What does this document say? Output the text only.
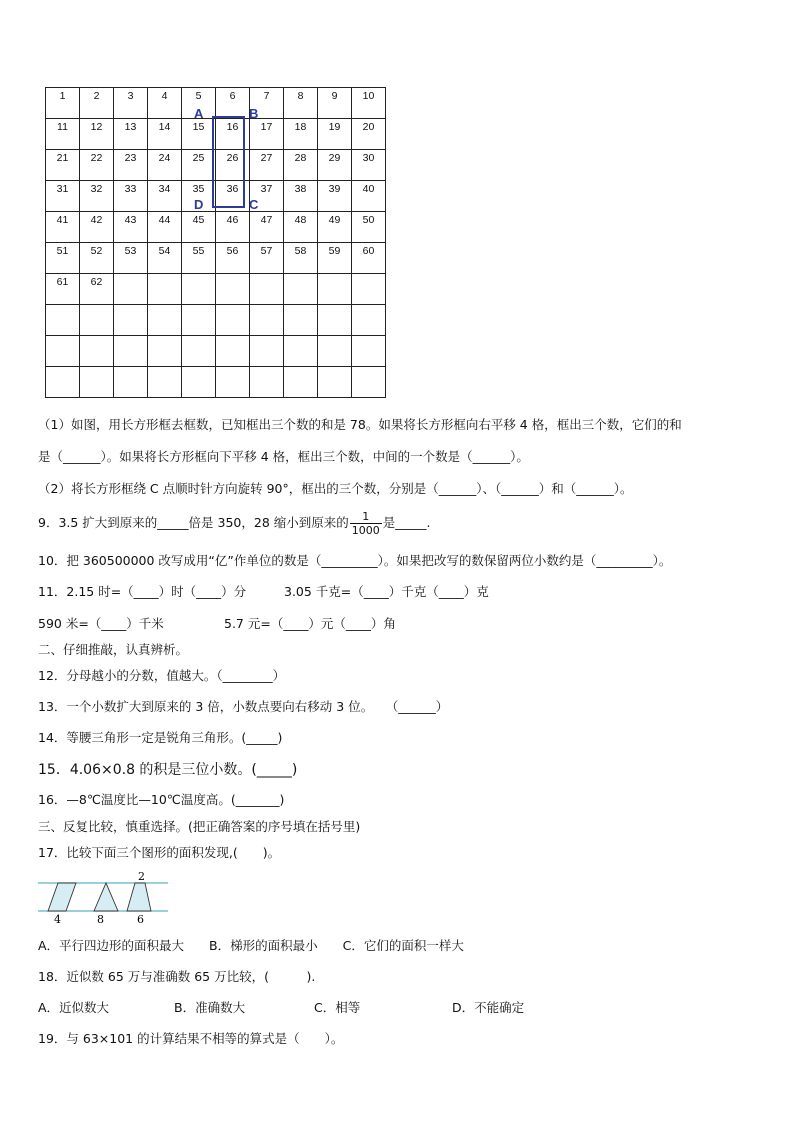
1	2	3	4	5	6	7	8	9	10
11	12	13	14	15	16	17	18	19	20
21	22	23	24	25	26	27	28	29	30
31	32	33	34	35	36	37	38	39	40
41	42	43	44	45	46	47	48	49	50
51	52	53	54	55	56	57	58	59	60
61	62								

A	B
C
D
（1）如图，用长方形框去框数，已知框出三个数的和是 78。如果将长方形框向右平移 4 格，框出三个数，它们的和
是（______）。如果将长方形框向下平移 4 格，框出三个数，中间的一个数是（______）。
（2）将长方形框绕 C 点顺时针方向旋转 90°，框出的三个数，分别是（______）、（______）和（______）。
9．3.5 扩大到原来的_____倍是 350，28 缩小到原来的 $\frac{1}{1000}$ 是_____.
10．把 360500000 改写成用“亿”作单位的数是（_________）。如果把改写的数保留两位小数约是（_________）。
11．2.15 时=（____）时（____）分	3.05 千克=（____）千克（____）克
590 米=（____）千米	5.7 元=（____）元（____）角
二、仔细推敲，认真辨析。
12．分母越小的分数，值越大。（________）
13．一个小数扩大到原来的 3 倍，小数点要向右移动 3 位。　　（______）
14．等腰三角形一定是锐角三角形。(_____)
15．4.06×0.8 的积是三位小数。(_____)
16．—8℃温度比—10℃温度高。(_______)
三、反复比较，慎重选择。(把正确答案的序号填在括号里)
17．比较下面三个图形的面积发现,(　　)。
4	8	6
2
A．平行四边形的面积最大　　B．梯形的面积最小　　C．它们的面积一样大
18．近似数 65 万与准确数 65 万比较，(　　　).
A．近似数大	B．准确数大	C．相等	D．不能确定
19．与 63×101 的计算结果不相等的算式是（　　）。
